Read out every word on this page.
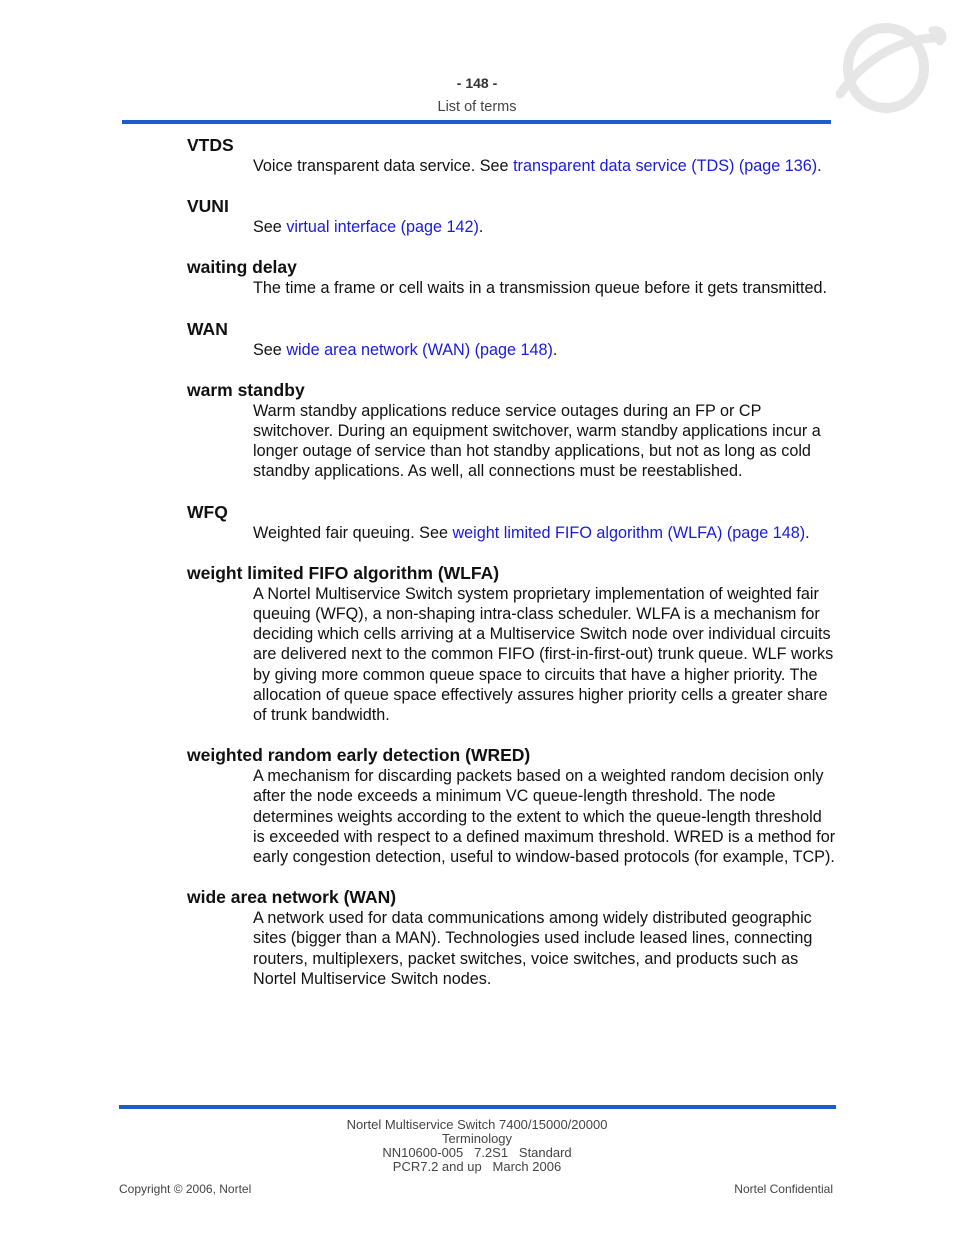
- 148 -
List of terms
VTDS
Voice transparent data service. See transparent data service (TDS) (page 136).
VUNI
See virtual interface (page 142).
waiting delay
The time a frame or cell waits in a transmission queue before it gets transmitted.
WAN
See wide area network (WAN) (page 148).
warm standby
Warm standby applications reduce service outages during an FP or CP switchover. During an equipment switchover, warm standby applications incur a longer outage of service than hot standby applications, but not as long as cold standby applications. As well, all connections must be reestablished.
WFQ
Weighted fair queuing. See weight limited FIFO algorithm (WLFA) (page 148).
weight limited FIFO algorithm (WLFA)
A Nortel Multiservice Switch system proprietary implementation of weighted fair queuing (WFQ), a non-shaping intra-class scheduler. WLFA is a mechanism for deciding which cells arriving at a Multiservice Switch node over individual circuits are delivered next to the common FIFO (first-in-first-out) trunk queue. WLF works by giving more common queue space to circuits that have a higher priority. The allocation of queue space effectively assures higher priority cells a greater share of trunk bandwidth.
weighted random early detection (WRED)
A mechanism for discarding packets based on a weighted random decision only after the node exceeds a minimum VC queue-length threshold. The node determines weights according to the extent to which the queue-length threshold is exceeded with respect to a defined maximum threshold. WRED is a method for early congestion detection, useful to window-based protocols (for example, TCP).
wide area network (WAN)
A network used for data communications among widely distributed geographic sites (bigger than a MAN). Technologies used include leased lines, connecting routers, multiplexers, packet switches, voice switches, and products such as Nortel Multiservice Switch nodes.
Nortel Multiservice Switch 7400/15000/20000
Terminology
NN10600-005   7.2S1   Standard
PCR7.2 and up   March 2006
Copyright © 2006, Nortel	Nortel Confidential
